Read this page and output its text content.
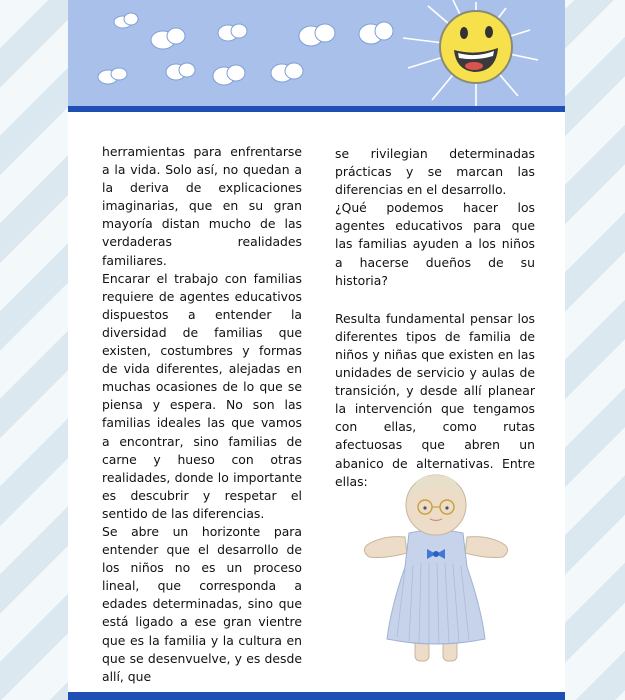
herramientas para enfrentarse a la vida. Solo así, no quedan a la deriva de explicaciones imaginarias, que en su gran mayoría distan mucho de las verdaderas realidades familiares.

Encarar el trabajo con familias requiere de agentes educativos dispuestos a entender la diversidad de familias que existen, costumbres y formas de vida diferentes, alejadas en muchas ocasiones de lo que se piensa y espera. No son las familias ideales las que vamos a encontrar, sino familias de carne y hueso con otras realidades, donde lo importante es descubrir y respetar el sentido de las diferencias.

Se abre un horizonte para entender que el desarrollo de los niños no es un proceso lineal, que corresponda a edades determinadas, sino que está ligado a ese gran vientre que es la familia y la cultura en que se desenvuelve, y es desde allí, que

se rivilegian determinadas prácticas y se marcan las diferencias en el desarrollo.

¿Qué podemos hacer los agentes educativos para que las familias ayuden a los niños a hacerse dueños de su historia?

Resulta fundamental pensar los diferentes tipos de familia de niños y niñas que existen en las unidades de servicio y aulas de transición, y desde allí planear la intervención que tengamos con ellas, como rutas afectuosas que abren un abanico de alternativas. Entre ellas:
